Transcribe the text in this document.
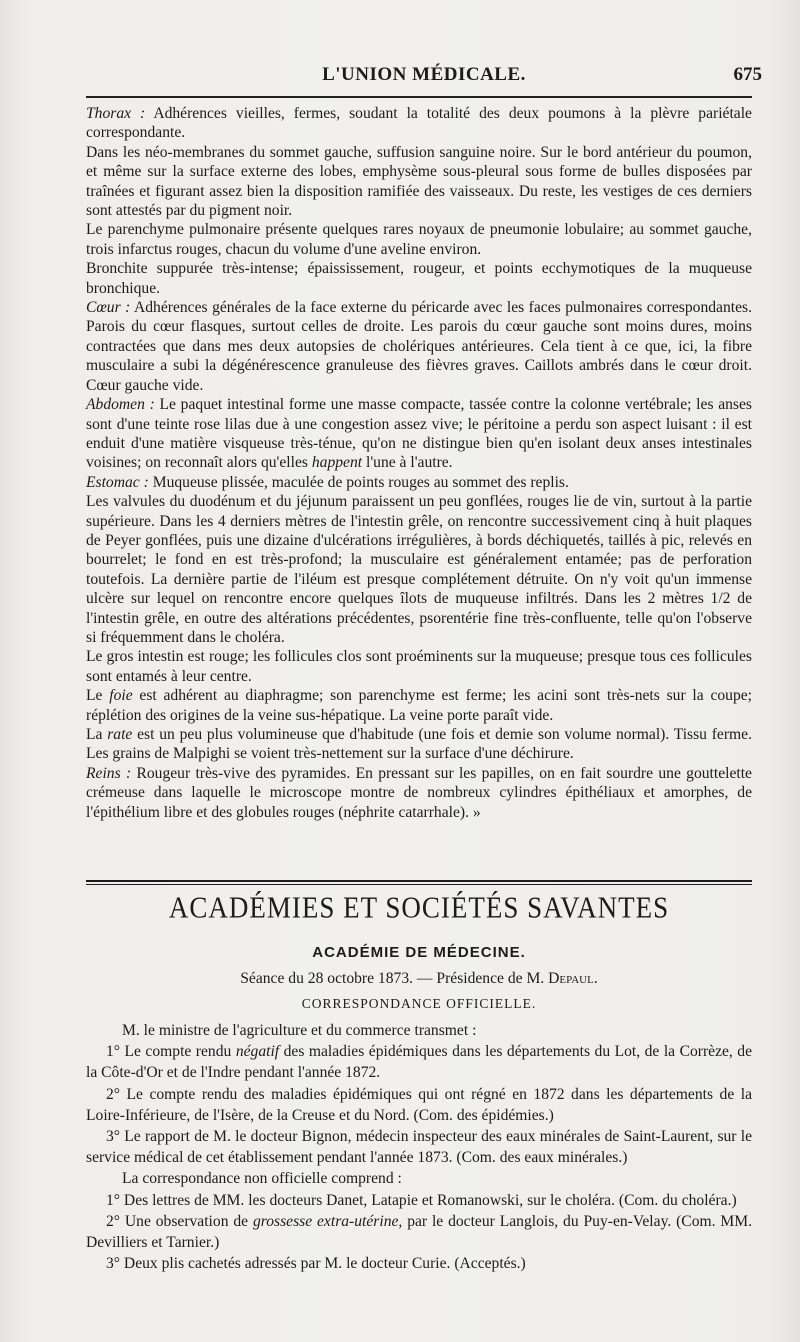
L'UNION MÉDICALE.	675

Thorax : Adhérences vieilles, fermes, soudant la totalité des deux poumons à la plèvre pariétale correspondante.

Dans les néo-membranes du sommet gauche, suffusion sanguine noire. Sur le bord antérieur du poumon, et même sur la surface externe des lobes, emphysème sous-pleural sous forme de bulles disposées par traînées et figurant assez bien la disposition ramifiée des vaisseaux. Du reste, les vestiges de ces derniers sont attestés par du pigment noir.

Le parenchyme pulmonaire présente quelques rares noyaux de pneumonie lobulaire; au sommet gauche, trois infarctus rouges, chacun du volume d'une aveline environ.

Bronchite suppurée très-intense; épaississement, rougeur, et points ecchymotiques de la muqueuse bronchique.

Cœur : Adhérences générales de la face externe du péricarde avec les faces pulmonaires correspondantes. Parois du cœur flasques, surtout celles de droite. Les parois du cœur gauche sont moins dures, moins contractées que dans mes deux autopsies de cholériques antérieures. Cela tient à ce que, ici, la fibre musculaire a subi la dégénérescence granuleuse des fièvres graves. Caillots ambrés dans le cœur droit. Cœur gauche vide.

Abdomen : Le paquet intestinal forme une masse compacte, tassée contre la colonne vertébrale; les anses sont d'une teinte rose lilas due à une congestion assez vive; le péritoine a perdu son aspect luisant : il est enduit d'une matière visqueuse très-ténue, qu'on ne distingue bien qu'en isolant deux anses intestinales voisines; on reconnaît alors qu'elles happent l'une à l'autre.

Estomac : Muqueuse plissée, maculée de points rouges au sommet des replis.

Les valvules du duodénum et du jéjunum paraissent un peu gonflées, rouges lie de vin, surtout à la partie supérieure. Dans les 4 derniers mètres de l'intestin grêle, on rencontre successivement cinq à huit plaques de Peyer gonflées, puis une dizaine d'ulcérations irrégulières, à bords déchiquetés, taillés à pic, relevés en bourrelet; le fond en est très-profond; la musculaire est généralement entamée; pas de perforation toutefois. La dernière partie de l'iléum est presque complétement détruite. On n'y voit qu'un immense ulcère sur lequel on rencontre encore quelques îlots de muqueuse infiltrés. Dans les 2 mètres 1/2 de l'intestin grêle, en outre des altérations précédentes, psorentérie fine très-confluente, telle qu'on l'observe si fréquemment dans le choléra.

Le gros intestin est rouge; les follicules clos sont proéminents sur la muqueuse; presque tous ces follicules sont entamés à leur centre.

Le foie est adhérent au diaphragme; son parenchyme est ferme; les acini sont très-nets sur la coupe; réplétion des origines de la veine sus-hépatique. La veine porte paraît vide.

La rate est un peu plus volumineuse que d'habitude (une fois et demie son volume normal). Tissu ferme. Les grains de Malpighi se voient très-nettement sur la surface d'une déchirure.

Reins : Rougeur très-vive des pyramides. En pressant sur les papilles, on en fait sourdre une gouttelette crémeuse dans laquelle le microscope montre de nombreux cylindres épithéliaux et amorphes, de l'épithélium libre et des globules rouges (néphrite catarrhale). »

ACADÉMIES ET SOCIÉTÉS SAVANTES
ACADÉMIE DE MÉDECINE.
Séance du 28 octobre 1873. — Présidence de M. Depaul.
CORRESPONDANCE OFFICIELLE.

M. le ministre de l'agriculture et du commerce transmet :

1° Le compte rendu négatif des maladies épidémiques dans les départements du Lot, de la Corrèze, de la Côte-d'Or et de l'Indre pendant l'année 1872.

2° Le compte rendu des maladies épidémiques qui ont régné en 1872 dans les départements de la Loire-Inférieure, de l'Isère, de la Creuse et du Nord. (Com. des épidémies.)

3° Le rapport de M. le docteur Bignon, médecin inspecteur des eaux minérales de Saint-Laurent, sur le service médical de cet établissement pendant l'année 1873. (Com. des eaux minérales.)

La correspondance non officielle comprend :

1° Des lettres de MM. les docteurs Danet, Latapie et Romanowski, sur le choléra. (Com. du choléra.)

2° Une observation de grossesse extra-utérine, par le docteur Langlois, du Puy-en-Velay. (Com. MM. Devilliers et Tarnier.)

3° Deux plis cachetés adressés par M. le docteur Curie. (Acceptés.)
